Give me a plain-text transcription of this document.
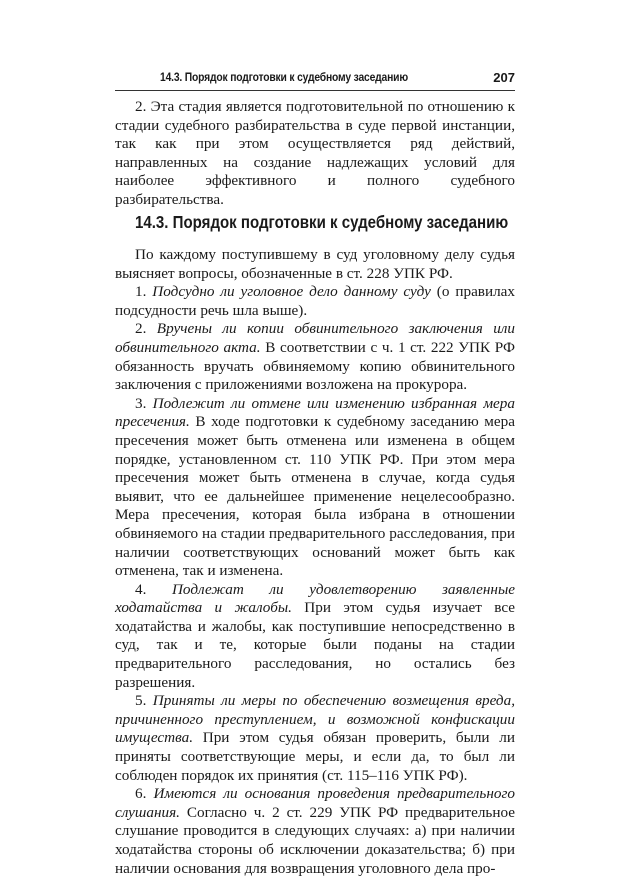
14.3. Порядок подготовки к судебному заседанию	207

2. Эта стадия является подготовительной по отношению к стадии судебного разбирательства в суде первой инстанции, так как при этом осуществляется ряд действий, направленных на создание надлежащих условий для наиболее эффективного и полного судебного разбирательства.

14.3. Порядок подготовки к судебному заседанию

По каждому поступившему в суд уголовному делу судья выясняет вопросы, обозначенные в ст. 228 УПК РФ.

1. Подсудно ли уголовное дело данному суду (о правилах подсудности речь шла выше).

2. Вручены ли копии обвинительного заключения или обвинительного акта. В соответствии с ч. 1 ст. 222 УПК РФ обязанность вручать обвиняемому копию обвинительного заключения с приложениями возложена на прокурора.

3. Подлежит ли отмене или изменению избранная мера пресечения. В ходе подготовки к судебному заседанию мера пресечения может быть отменена или изменена в общем порядке, установленном ст. 110 УПК РФ. При этом мера пресечения может быть отменена в случае, когда судья выявит, что ее дальнейшее применение нецелесообразно. Мера пресечения, которая была избрана в отношении обвиняемого на стадии предварительного расследования, при наличии соответствующих оснований может быть как отменена, так и изменена.

4. Подлежат ли удовлетворению заявленные ходатайства и жалобы. При этом судья изучает все ходатайства и жалобы, как поступившие непосредственно в суд, так и те, которые были поданы на стадии предварительного расследования, но остались без разрешения.

5. Приняты ли меры по обеспечению возмещения вреда, причиненного преступлением, и возможной конфискации имущества. При этом судья обязан проверить, были ли приняты соответствующие меры, и если да, то был ли соблюден порядок их принятия (ст. 115–116 УПК РФ).

6. Имеются ли основания проведения предварительного слушания. Согласно ч. 2 ст. 229 УПК РФ предварительное слушание проводится в следующих случаях: а) при наличии ходатайства стороны об исключении доказательства; б) при наличии основания для возвращения уголовного дела про-
